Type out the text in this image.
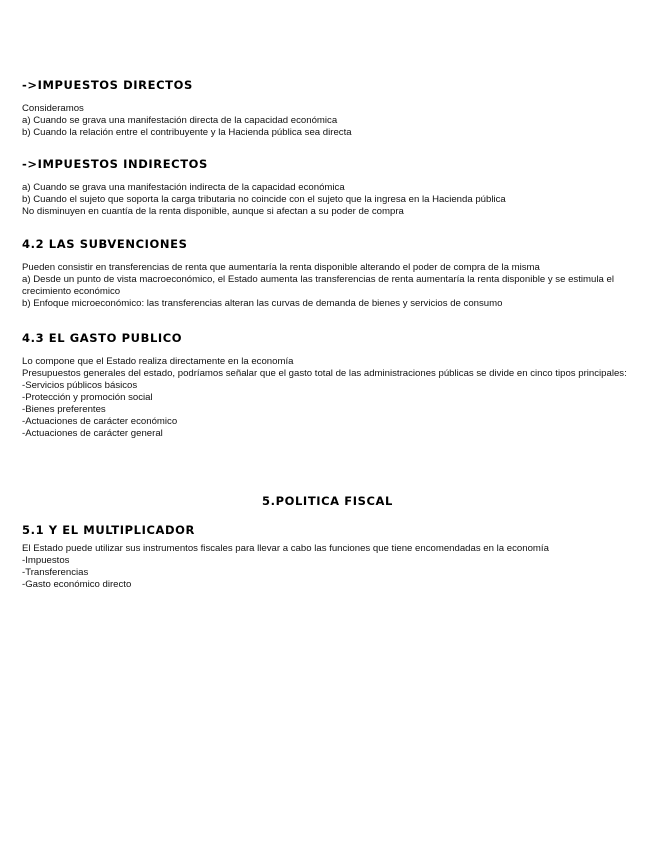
->IMPUESTOS DIRECTOS

Consideramos

a) Cuando se grava una manifestación directa de la capacidad económica

b) Cuando la relación entre el contribuyente y la Hacienda pública sea directa

->IMPUESTOS INDIRECTOS

a) Cuando se grava una manifestación indirecta de la capacidad económica

b) Cuando el sujeto que soporta la carga tributaria no coincide con el sujeto que la ingresa en la Hacienda pública

No disminuyen en cuantía de la renta disponible, aunque si afectan a su poder de compra

4.2 LAS SUBVENCIONES

Pueden consistir en transferencias de renta que aumentaría la renta disponible alterando el poder de compra de la misma

a) Desde un punto de vista macroeconómico, el Estado aumenta las transferencias de renta aumentaría la renta disponible y se estimula el crecimiento económico

b) Enfoque microeconómico: las transferencias alteran las curvas de demanda de bienes y servicios de consumo

4.3 EL GASTO PUBLICO

Lo compone que el Estado realiza directamente en la economía

Presupuestos generales del estado, podríamos señalar que el gasto total de las administraciones públicas se divide en cinco tipos principales:

-Servicios públicos básicos

-Protección y promoción social

-Bienes preferentes

-Actuaciones de carácter económico

-Actuaciones de carácter general

5.POLITICA FISCAL
5.1 Y EL MULTIPLICADOR

El Estado puede utilizar sus instrumentos fiscales para llevar a cabo las funciones que tiene encomendadas en la economía

-Impuestos

-Transferencias

-Gasto económico directo
